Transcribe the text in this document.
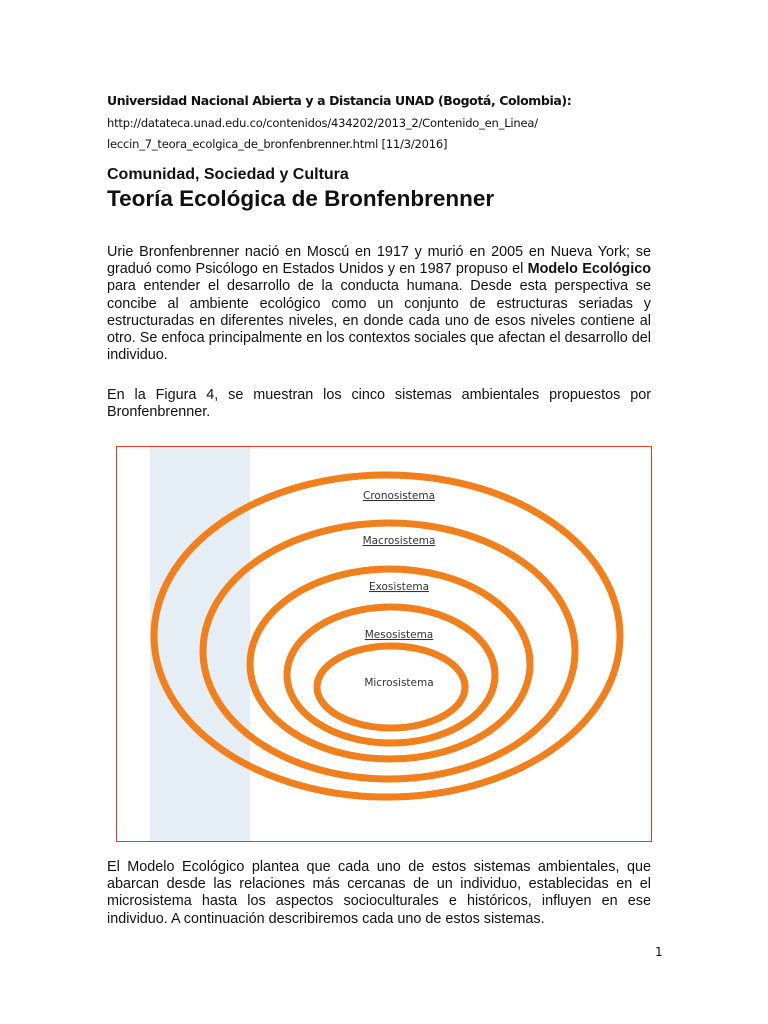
Universidad Nacional Abierta y a Distancia UNAD (Bogotá, Colombia):
http://datateca.unad.edu.co/contenidos/434202/2013_2/Contenido_en_Linea/
leccin_7_teora_ecolgica_de_bronfenbrenner.html [11/3/2016]
Comunidad, Sociedad y Cultura
Teoría Ecológica de Bronfenbrenner

Urie Bronfenbrenner nació en Moscú en 1917 y murió en 2005 en Nueva York; se graduó como Psicólogo en Estados Unidos y en 1987 propuso el Modelo Ecológico para entender el desarrollo de la conducta humana. Desde esta perspectiva se concibe al ambiente ecológico como un conjunto de estructuras seriadas y estructuradas en diferentes niveles, en donde cada uno de esos niveles contiene al otro. Se enfoca principalmente en los contextos sociales que afectan el desarrollo del individuo.

En la Figura 4, se muestran los cinco sistemas ambientales propuestos por Bronfenbrenner.

Cronosistema
Macrosistema
Exosistema
Mesosistema
Microsistema

El Modelo Ecológico plantea que cada uno de estos sistemas ambientales, que abarcan desde las relaciones más cercanas de un individuo, establecidas en el microsistema hasta los aspectos socioculturales e históricos, influyen en ese individuo. A continuación describiremos cada uno de estos sistemas.

1
